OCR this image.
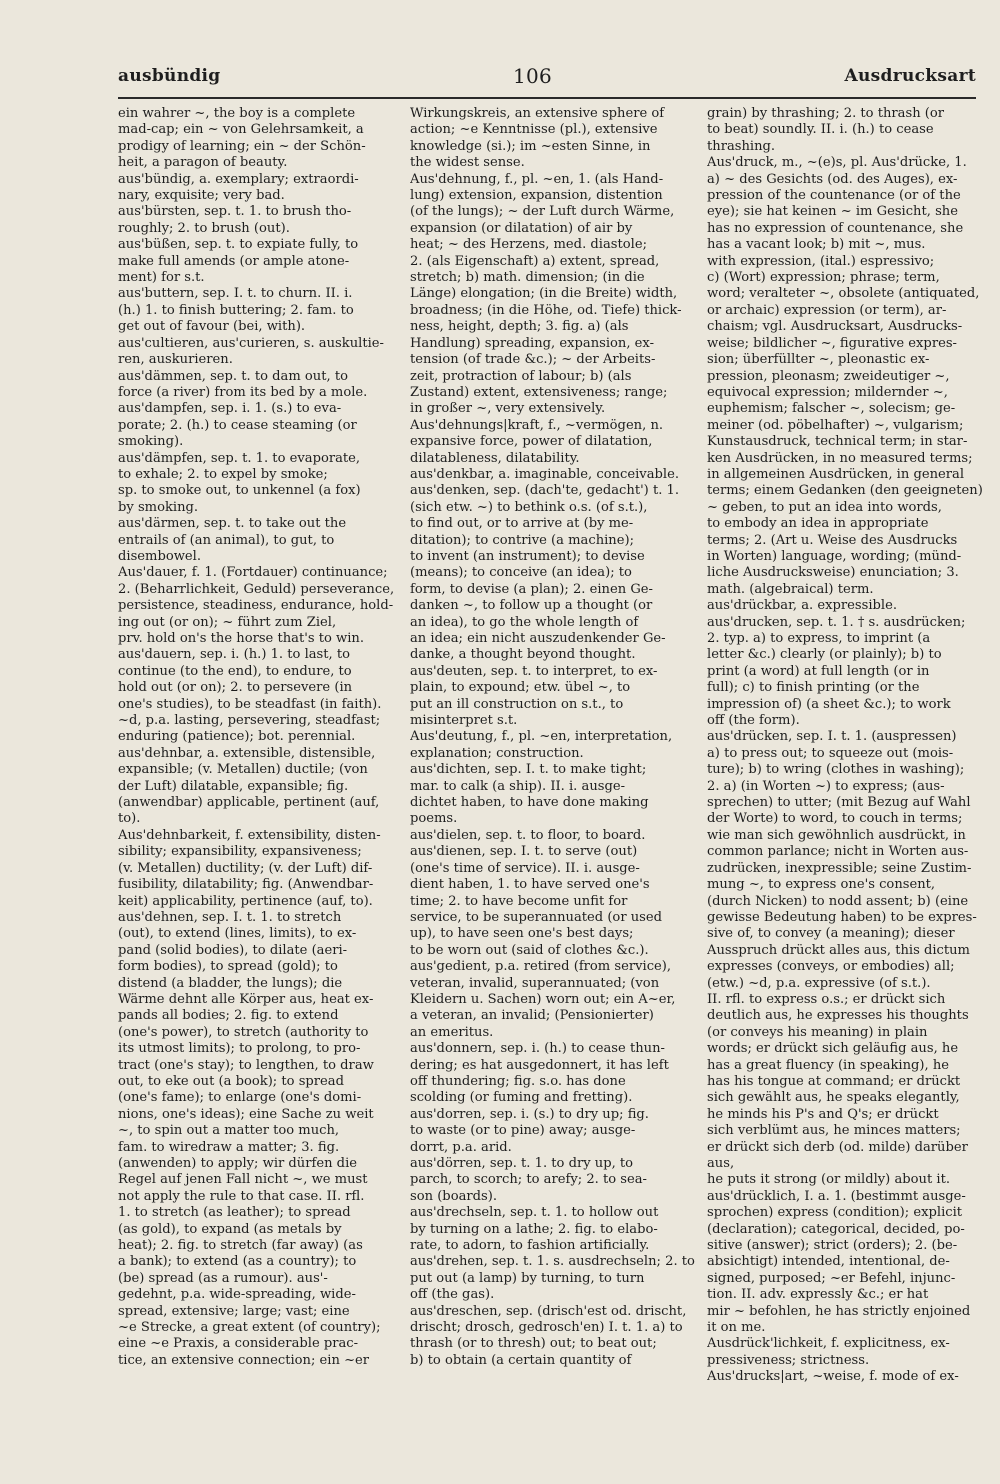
ausbündig	106	Ausdrucksart
ein wahrer ~, the boy is a complete
mad-cap; ein ~ von Gelehrsamkeit, a
prodigy of learning; ein ~ der Schön-
heit, a paragon of beauty.
aus'bündig, a. exemplary; extraordi-
nary, exquisite; very bad.
aus'bürsten, sep. t. 1. to brush tho-
roughly; 2. to brush (out).
aus'büßen, sep. t. to expiate fully, to
make full amends (or ample atone-
ment) for s.t.
aus'buttern, sep. I. t. to churn. II. i.
(h.) 1. to finish buttering; 2. fam. to
get out of favour (bei, with).
aus'cultieren, aus'curieren, s. auskultie-
ren, auskurieren.
aus'dämmen, sep. t. to dam out, to
force (a river) from its bed by a mole.
aus'dampfen, sep. i. 1. (s.) to eva-
porate; 2. (h.) to cease steaming (or
smoking).
aus'dämpfen, sep. t. 1. to evaporate,
to exhale; 2. to expel by smoke;
sp. to smoke out, to unkennel (a fox)
by smoking.
aus'därmen, sep. t. to take out the
entrails of (an animal), to gut, to
disembowel.
Aus'dauer, f. 1. (Fortdauer) continuance;
2. (Beharrlichkeit, Geduld) perseverance,
persistence, steadiness, endurance, hold-
ing out (or on); ~ führt zum Ziel,
prv. hold on's the horse that's to win.
aus'dauern, sep. i. (h.) 1. to last, to
continue (to the end), to endure, to
hold out (or on); 2. to persevere (in
one's studies), to be steadfast (in faith).
~d, p.a. lasting, persevering, steadfast;
enduring (patience); bot. perennial.
aus'dehnbar, a. extensible, distensible,
expansible; (v. Metallen) ductile; (von
der Luft) dilatable, expansible; fig.
(anwendbar) applicable, pertinent (auf,
to).
Aus'dehnbarkeit, f. extensibility, disten-
sibility; expansibility, expansiveness;
(v. Metallen) ductility; (v. der Luft) dif-
fusibility, dilatability; fig. (Anwendbar-
keit) applicability, pertinence (auf, to).
aus'dehnen, sep. I. t. 1. to stretch
(out), to extend (lines, limits), to ex-
pand (solid bodies), to dilate (aeri-
form bodies), to spread (gold); to
distend (a bladder, the lungs); die
Wärme dehnt alle Körper aus, heat ex-
pands all bodies; 2. fig. to extend
(one's power), to stretch (authority to
its utmost limits); to prolong, to pro-
tract (one's stay); to lengthen, to draw
out, to eke out (a book); to spread
(one's fame); to enlarge (one's domi-
nions, one's ideas); eine Sache zu weit
~, to spin out a matter too much,
fam. to wiredraw a matter; 3. fig.
(anwenden) to apply; wir dürfen die
Regel auf jenen Fall nicht ~, we must
not apply the rule to that case. II. rfl.
1. to stretch (as leather); to spread
(as gold), to expand (as metals by
heat); 2. fig. to stretch (far away) (as
a bank); to extend (as a country); to
(be) spread (as a rumour). aus'-
gedehnt, p.a. wide-spreading, wide-
spread, extensive; large; vast; eine
~e Strecke, a great extent (of country);
eine ~e Praxis, a considerable prac-
tice, an extensive connection; ein ~er
Wirkungskreis, an extensive sphere of
action; ~e Kenntnisse (pl.), extensive
knowledge (si.); im ~esten Sinne, in
the widest sense.
Aus'dehnung, f., pl. ~en, 1. (als Hand-
lung) extension, expansion, distention
(of the lungs); ~ der Luft durch Wärme,
expansion (or dilatation) of air by
heat; ~ des Herzens, med. diastole;
2. (als Eigenschaft) a) extent, spread,
stretch; b) math. dimension; (in die
Länge) elongation; (in die Breite) width,
broadness; (in die Höhe, od. Tiefe) thick-
ness, height, depth; 3. fig. a) (als
Handlung) spreading, expansion, ex-
tension (of trade &c.); ~ der Arbeits-
zeit, protraction of labour; b) (als
Zustand) extent, extensiveness; range;
in großer ~, very extensively.
Aus'dehnungs|kraft, f., ~vermögen, n.
expansive force, power of dilatation,
dilatableness, dilatability.
aus'denkbar, a. imaginable, conceivable.
aus'denken, sep. (dach'te, gedacht') t. 1.
(sich etw. ~) to bethink o.s. (of s.t.),
to find out, or to arrive at (by me-
ditation); to contrive (a machine);
to invent (an instrument); to devise
(means); to conceive (an idea); to
form, to devise (a plan); 2. einen Ge-
danken ~, to follow up a thought (or
an idea), to go the whole length of
an idea; ein nicht auszudenkender Ge-
danke, a thought beyond thought.
aus'deuten, sep. t. to interpret, to ex-
plain, to expound; etw. übel ~, to
put an ill construction on s.t., to
misinterpret s.t.
Aus'deutung, f., pl. ~en, interpretation,
explanation; construction.
aus'dichten, sep. I. t. to make tight;
mar. to calk (a ship). II. i. ausge-
dichtet haben, to have done making
poems.
aus'dielen, sep. t. to floor, to board.
aus'dienen, sep. I. t. to serve (out)
(one's time of service). II. i. ausge-
dient haben, 1. to have served one's
time; 2. to have become unfit for
service, to be superannuated (or used
up), to have seen one's best days;
to be worn out (said of clothes &c.).
aus'gedient, p.a. retired (from service),
veteran, invalid, superannuated; (von
Kleidern u. Sachen) worn out; ein A~er,
a veteran, an invalid; (Pensionierter)
an emeritus.
aus'donnern, sep. i. (h.) to cease thun-
dering; es hat ausgedonnert, it has left
off thundering; fig. s.o. has done
scolding (or fuming and fretting).
aus'dorren, sep. i. (s.) to dry up; fig.
to waste (or to pine) away; ausge-
dorrt, p.a. arid.
aus'dörren, sep. t. 1. to dry up, to
parch, to scorch; to arefy; 2. to sea-
son (boards).
aus'drechseln, sep. t. 1. to hollow out
by turning on a lathe; 2. fig. to elabo-
rate, to adorn, to fashion artificially.
aus'drehen, sep. t. 1. s. ausdrechseln; 2. to
put out (a lamp) by turning, to turn
off (the gas).
aus'dreschen, sep. (drisch'est od. drischt,
drischt; drosch, gedrosch'en) I. t. 1. a) to
thrash (or to thresh) out; to beat out;
b) to obtain (a certain quantity of
grain) by thrashing; 2. to thrash (or
to beat) soundly. II. i. (h.) to cease
thrashing.
Aus'druck, m., ~(e)s, pl. Aus'drücke, 1.
a) ~ des Gesichts (od. des Auges), ex-
pression of the countenance (or of the
eye); sie hat keinen ~ im Gesicht, she
has no expression of countenance, she
has a vacant look; b) mit ~, mus.
with expression, (ital.) espressivo;
c) (Wort) expression; phrase; term,
word; veralteter ~, obsolete (antiquated,
or archaic) expression (or term), ar-
chaism; vgl. Ausdrucksart, Ausdrucks-
weise; bildlicher ~, figurative expres-
sion; überfüllter ~, pleonastic ex-
pression, pleonasm; zweideutiger ~,
equivocal expression; mildernder ~,
euphemism; falscher ~, solecism; ge-
meiner (od. pöbelhafter) ~, vulgarism;
Kunstausdruck, technical term; in star-
ken Ausdrücken, in no measured terms;
in allgemeinen Ausdrücken, in general
terms; einem Gedanken (den geeigneten)
~ geben, to put an idea into words,
to embody an idea in appropriate
terms; 2. (Art u. Weise des Ausdrucks
in Worten) language, wording; (münd-
liche Ausdrucksweise) enunciation; 3.
math. (algebraical) term.
aus'drückbar, a. expressible.
aus'drucken, sep. t. 1. † s. ausdrücken;
2. typ. a) to express, to imprint (a
letter &c.) clearly (or plainly); b) to
print (a word) at full length (or in
full); c) to finish printing (or the
impression of) (a sheet &c.); to work
off (the form).
aus'drücken, sep. I. t. 1. (auspressen)
a) to press out; to squeeze out (mois-
ture); b) to wring (clothes in washing);
2. a) (in Worten ~) to express; (aus-
sprechen) to utter; (mit Bezug auf Wahl
der Worte) to word, to couch in terms;
wie man sich gewöhnlich ausdrückt, in
common parlance; nicht in Worten aus-
zudrücken, inexpressible; seine Zustim-
mung ~, to express one's consent,
(durch Nicken) to nodd assent; b) (eine
gewisse Bedeutung haben) to be expres-
sive of, to convey (a meaning); dieser
Ausspruch drückt alles aus, this dictum
expresses (conveys, or embodies) all;
(etw.) ~d, p.a. expressive (of s.t.).
II. rfl. to express o.s.; er drückt sich
deutlich aus, he expresses his thoughts
(or conveys his meaning) in plain
words; er drückt sich geläufig aus, he
has a great fluency (in speaking), he
has his tongue at command; er drückt
sich gewählt aus, he speaks elegantly,
he minds his P's and Q's; er drückt
sich verblümt aus, he minces matters;
er drückt sich derb (od. milde) darüber aus,
he puts it strong (or mildly) about it.
aus'drücklich, I. a. 1. (bestimmt ausge-
sprochen) express (condition); explicit
(declaration); categorical, decided, po-
sitive (answer); strict (orders); 2. (be-
absichtigt) intended, intentional, de-
signed, purposed; ~er Befehl, injunc-
tion. II. adv. expressly &c.; er hat
mir ~ befohlen, he has strictly enjoined
it on me.
Ausdrück'lichkeit, f. explicitness, ex-
pressiveness; strictness.
Aus'drucks|art, ~weise, f. mode of ex-
